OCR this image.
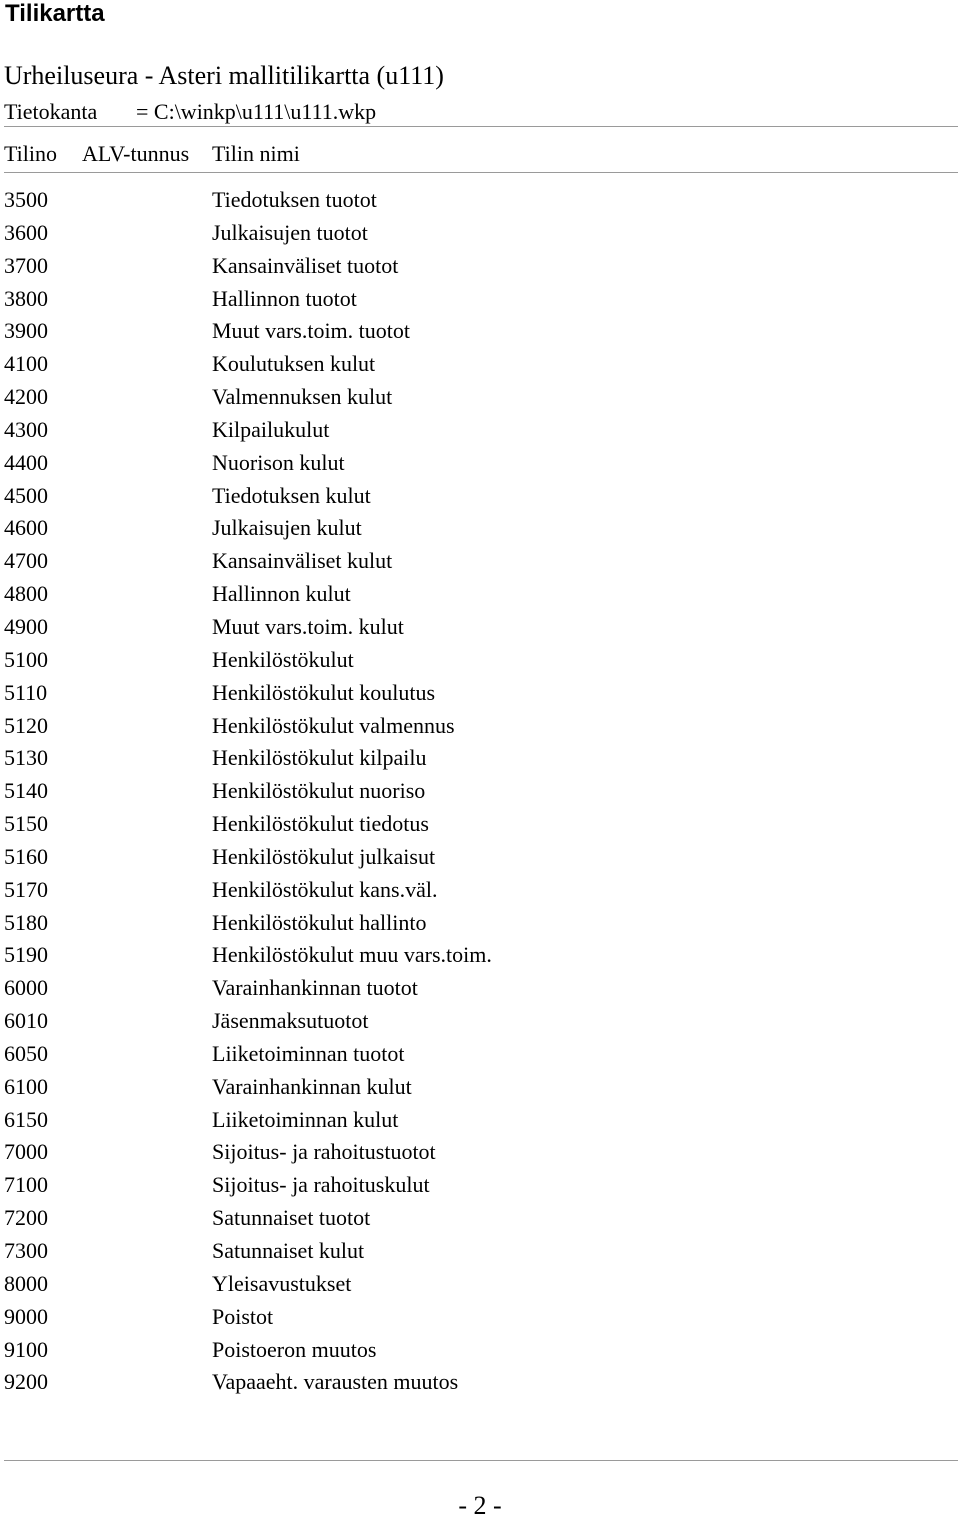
Tilikartta
Urheiluseura - Asteri mallitilikartta (u111)
Tietokanta = C:\winkp\u111\u111.wkp
Tilino ALV-tunnus Tilin nimi
3500	Tiedotuksen tuotot
3600	Julkaisujen tuotot
3700	Kansainväliset tuotot
3800	Hallinnon tuotot
3900	Muut vars.toim. tuotot
4100	Koulutuksen kulut
4200	Valmennuksen kulut
4300	Kilpailukulut
4400	Nuorison kulut
4500	Tiedotuksen kulut
4600	Julkaisujen kulut
4700	Kansainväliset kulut
4800	Hallinnon kulut
4900	Muut vars.toim. kulut
5100	Henkilöstökulut
5110	Henkilöstökulut koulutus
5120	Henkilöstökulut valmennus
5130	Henkilöstökulut kilpailu
5140	Henkilöstökulut nuoriso
5150	Henkilöstökulut tiedotus
5160	Henkilöstökulut julkaisut
5170	Henkilöstökulut kans.väl.
5180	Henkilöstökulut hallinto
5190	Henkilöstökulut muu vars.toim.
6000	Varainhankinnan tuotot
6010	Jäsenmaksutuotot
6050	Liiketoiminnan tuotot
6100	Varainhankinnan kulut
6150	Liiketoiminnan kulut
7000	Sijoitus- ja rahoitustuotot
7100	Sijoitus- ja rahoituskulut
7200	Satunnaiset tuotot
7300	Satunnaiset kulut
8000	Yleisavustukset
9000	Poistot
9100	Poistoeron muutos
9200	Vapaaeht. varausten muutos
- 2 -
